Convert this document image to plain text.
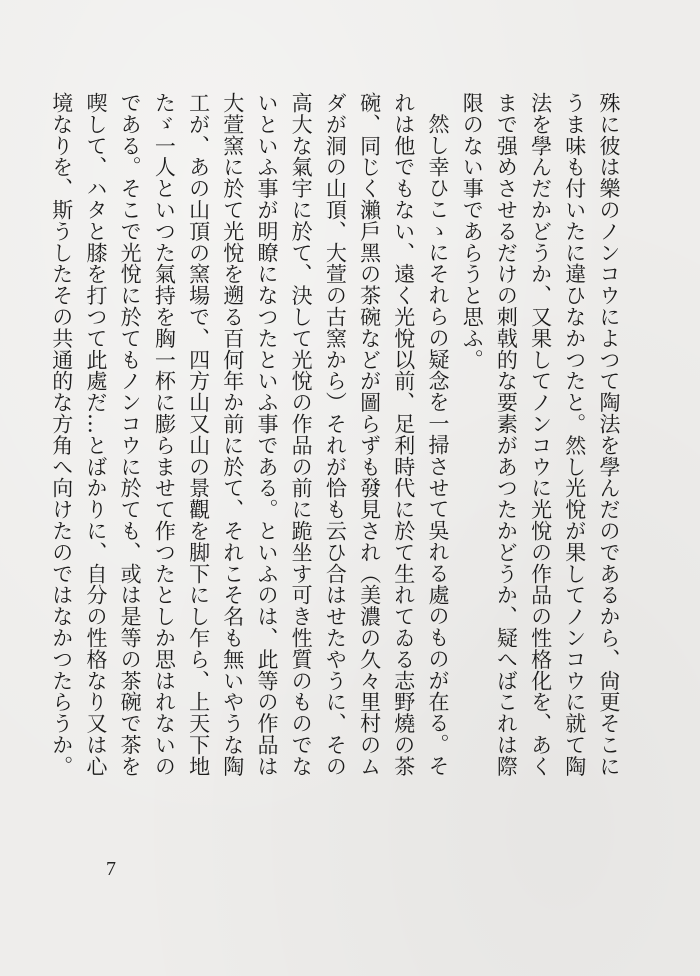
殊に彼は樂のノンコウによつて陶法を學んだのであるから、尙更そこにうま味も付いたに違ひなかつたと。然し光悅が果してノンコウに就て陶法を學んだかどうか、又果してノンコウに光悅の作品の性格化を、あくまで强めさせるだけの刺戟的な要素があつたかどうか、疑へばこれは際限のない事であらうと思ふ。

然し幸ひこゝにそれらの疑念を一掃させて吳れる處のものが在る。それは他でもない、遠く光悅以前、足利時代に於て生れてゐる志野燒の茶碗、同じく瀨戶黑の茶碗などが圖らずも發見され（美濃の久々里村のムダが洞の山頂、大萱の古窯から）それが恰も云ひ合はせたやうに、その高大な氣宇に於て、決して光悅の作品の前に跪坐す可き性質のものでないといふ事が明瞭になつたといふ事である。といふのは、此等の作品は大萱窯に於て光悅を遡る百何年か前に於て、それこそ名も無いやうな陶工が、あの山頂の窯場で、四方山又山の景觀を脚下にし乍ら、上天下地たゞ一人といつた氣持を胸一杯に膨らませて作つたとしか思はれないのである。そこで光悅に於てもノンコウに於ても、或は是等の茶碗で茶を喫して、ハタと膝を打つて此處だ…とばかりに、自分の性格なり又は心境なりを、斯うしたその共通的な方角へ向けたのではなかつたらうか。

7
